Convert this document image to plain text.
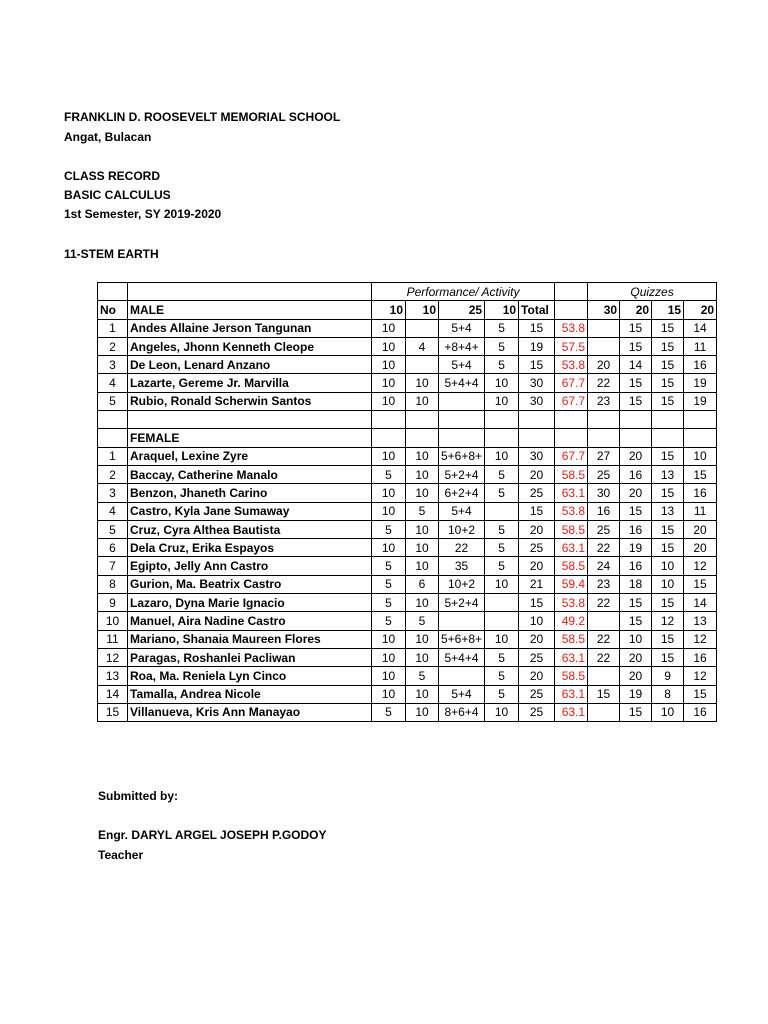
FRANKLIN D. ROOSEVELT MEMORIAL SCHOOL
Angat, Bulacan
CLASS RECORD
BASIC CALCULUS
1st Semester, SY 2019-2020
11-STEM EARTH
		Performance/ Activity						Quizzes			
No	MALE	10	10	25	10	Total		30	20	15	20
1	Andes Allaine Jerson Tangunan	10		5+4	5	15	53.8		15	15	14
2	Angeles, Jhonn Kenneth Cleope	10	4	+8+4+	5	19	57.5		15	15	11
3	De Leon, Lenard Anzano	10		5+4	5	15	53.8	20	14	15	16
4	Lazarte, Gereme Jr. Marvilla	10	10	5+4+4	10	30	67.7	22	15	15	19
5	Rubio, Ronald Scherwin Santos	10	10		10	30	67.7	23	15	15	19

	FEMALE										
1	Araquel, Lexine Zyre	10	10	5+6+8+	10	30	67.7	27	20	15	10
2	Baccay, Catherine Manalo	5	10	5+2+4	5	20	58.5	25	16	13	15
3	Benzon, Jhaneth Carino	10	10	6+2+4	5	25	63.1	30	20	15	16
4	Castro, Kyla Jane Sumaway	10	5	5+4		15	53.8	16	15	13	11
5	Cruz, Cyra Althea Bautista	5	10	10+2	5	20	58.5	25	16	15	20
6	Dela Cruz, Erika Espayos	10	10	22	5	25	63.1	22	19	15	20
7	Egipto, Jelly Ann Castro	5	10	35	5	20	58.5	24	16	10	12
8	Gurion, Ma. Beatrix Castro	5	6	10+2	10	21	59.4	23	18	10	15
9	Lazaro, Dyna Marie Ignacio	5	10	5+2+4		15	53.8	22	15	15	14
10	Manuel, Aira Nadine Castro	5	5			10	49.2		15	12	13
11	Mariano, Shanaia Maureen Flores	10	10	5+6+8+	10	20	58.5	22	10	15	12
12	Paragas, Roshanlei Pacliwan	10	10	5+4+4	5	25	63.1	22	20	15	16
13	Roa, Ma. Reniela Lyn Cinco	10	5		5	20	58.5		20	9	12
14	Tamalla, Andrea Nicole	10	10	5+4	5	25	63.1	15	19	8	15
15	Villanueva, Kris Ann Manayao	5	10	8+6+4	10	25	63.1		15	10	16
Submitted by:
Engr. DARYL ARGEL JOSEPH P.GODOY
Teacher
